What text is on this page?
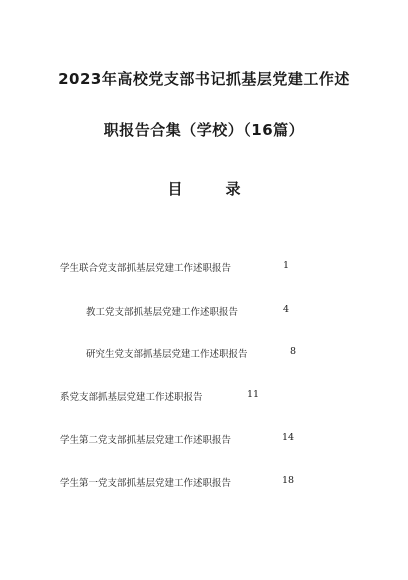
2023年高校党支部书记抓基层党建工作述
职报告合集（学校）（16篇）
目　录
学生联合党支部抓基层党建工作述职报告	1
教工党支部抓基层党建工作述职报告	4
研究生党支部抓基层党建工作述职报告	8
系党支部抓基层党建工作述职报告	11
学生第二党支部抓基层党建工作述职报告	14
学生第一党支部抓基层党建工作述职报告	18
